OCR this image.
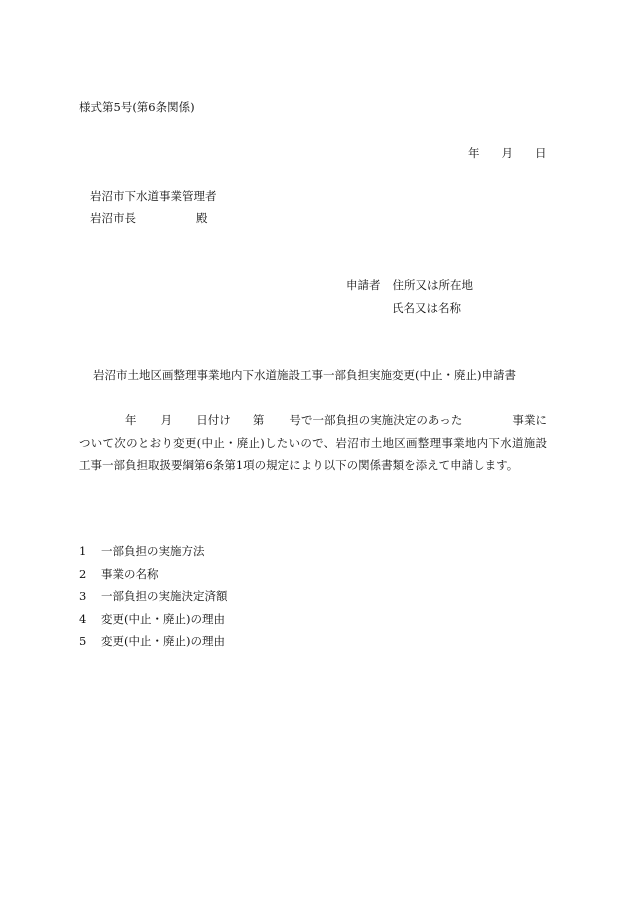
様式第5号(第6条関係)
年 月 日
岩沼市下水道事業管理者
岩沼市長	殿
申請者 住所又は所在地
氏名又は名称
岩沼市土地区画整理事業地内下水道施設工事一部負担実施変更(中止・廃止)申請書
年 月 日付け 第 号で一部負担の実施決定のあった	事業について次のとおり変更(中止・廃止)したいので、岩沼市土地区画整理事業地内下水道施設工事一部負担取扱要綱第6条第1項の規定により以下の関係書類を添えて申請します。
1 一部負担の実施方法
2 事業の名称
3 一部負担の実施決定済額
4 変更(中止・廃止)の理由
5 変更(中止・廃止)の理由
